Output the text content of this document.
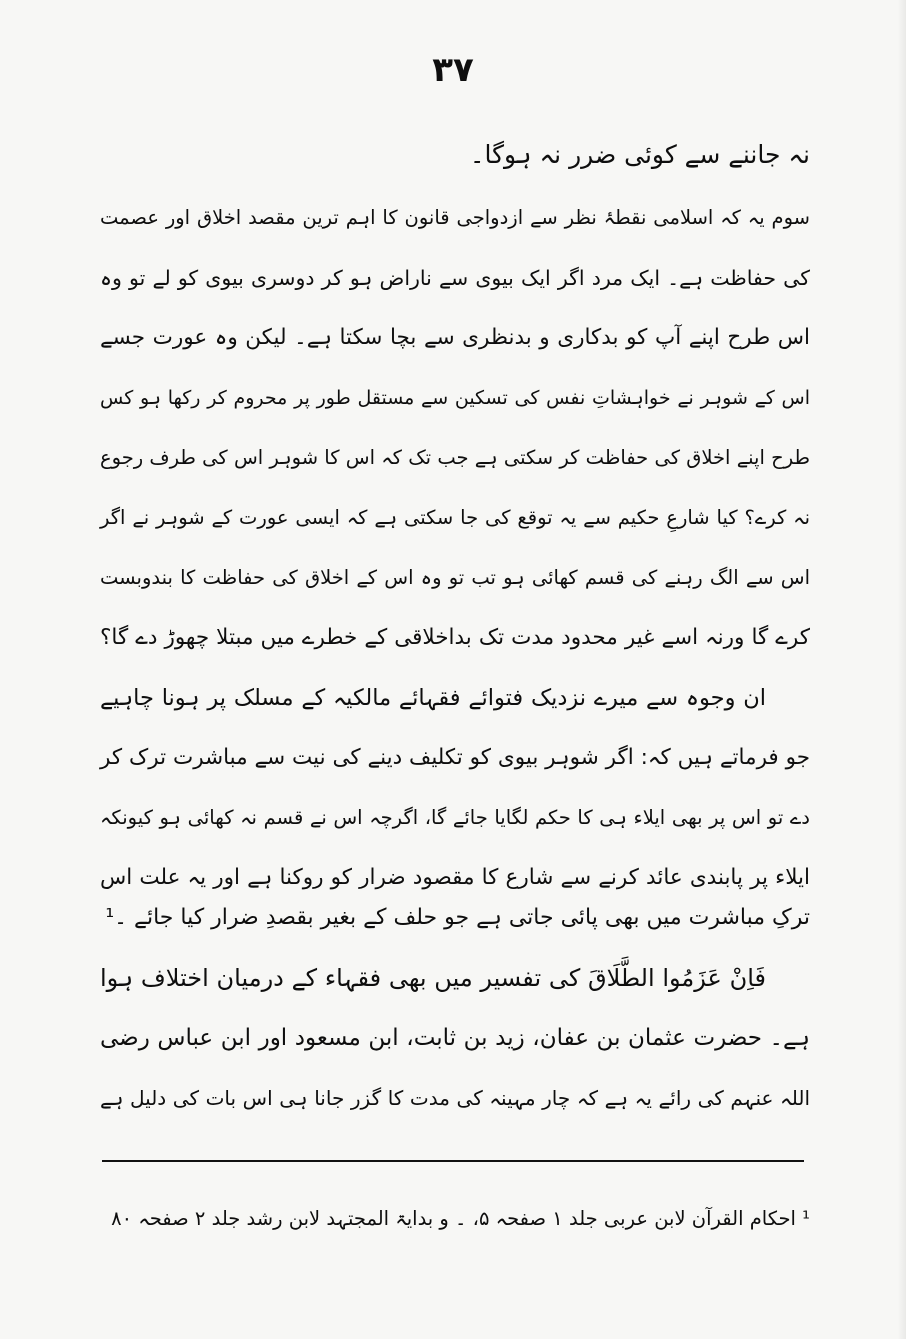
۳۷
نہ جاننے سے کوئی ضرر نہ ہوگا۔
سوم یہ کہ اسلامی نقطۂ نظر سے ازدواجی قانون کا اہم ترین مقصد اخلاق اور عصمت
کی حفاظت ہے۔ ایک مرد اگر ایک بیوی سے ناراض ہو کر دوسری بیوی کو لے تو وہ
اس طرح اپنے آپ کو بدکاری و بدنظری سے بچا سکتا ہے۔ لیکن وہ عورت جسے
اس کے شوہر نے خواہشاتِ نفس کی تسکین سے مستقل طور پر محروم کر رکھا ہو کس
طرح اپنے اخلاق کی حفاظت کر سکتی ہے جب تک کہ اس کا شوہر اس کی طرف رجوع
نہ کرے؟ کیا شارعِ حکیم سے یہ توقع کی جا سکتی ہے کہ ایسی عورت کے شوہر نے اگر
اس سے الگ رہنے کی قسم کھائی ہو تب تو وہ اس کے اخلاق کی حفاظت کا بندوبست
کرے گا ورنہ اسے غیر محدود مدت تک بداخلاقی کے خطرے میں مبتلا چھوڑ دے گا؟
ان وجوہ سے میرے نزدیک فتوائے فقہائے مالکیہ کے مسلک پر ہونا چاہیے
جو فرماتے ہیں کہ: اگر شوہر بیوی کو تکلیف دینے کی نیت سے مباشرت ترک کر
دے تو اس پر بھی ایلاء ہی کا حکم لگایا جائے گا، اگرچہ اس نے قسم نہ کھائی ہو کیونکہ
ایلاء پر پابندی عائد کرنے سے شارع کا مقصود ضرار کو روکنا ہے اور یہ علت اس
ترکِ مباشرت میں بھی پائی جاتی ہے جو حلف کے بغیر بقصدِ ضرار کیا جائے ۔¹
فَاِنْ عَزَمُوا الطَّلَاقَ کی تفسیر میں بھی فقہاء کے درمیان اختلاف ہوا
ہے۔ حضرت عثمان بن عفان، زید بن ثابت، ابن مسعود اور ابن عباس رضی
اللہ عنہم کی رائے یہ ہے کہ چار مہینہ کی مدت کا گزر جانا ہی اس بات کی دلیل ہے
¹ احکام القرآن لابن عربی جلد ۱ صفحہ ۵، ۔ و بدایۃ المجتہد لابن رشد جلد ۲ صفحہ ۸۰
